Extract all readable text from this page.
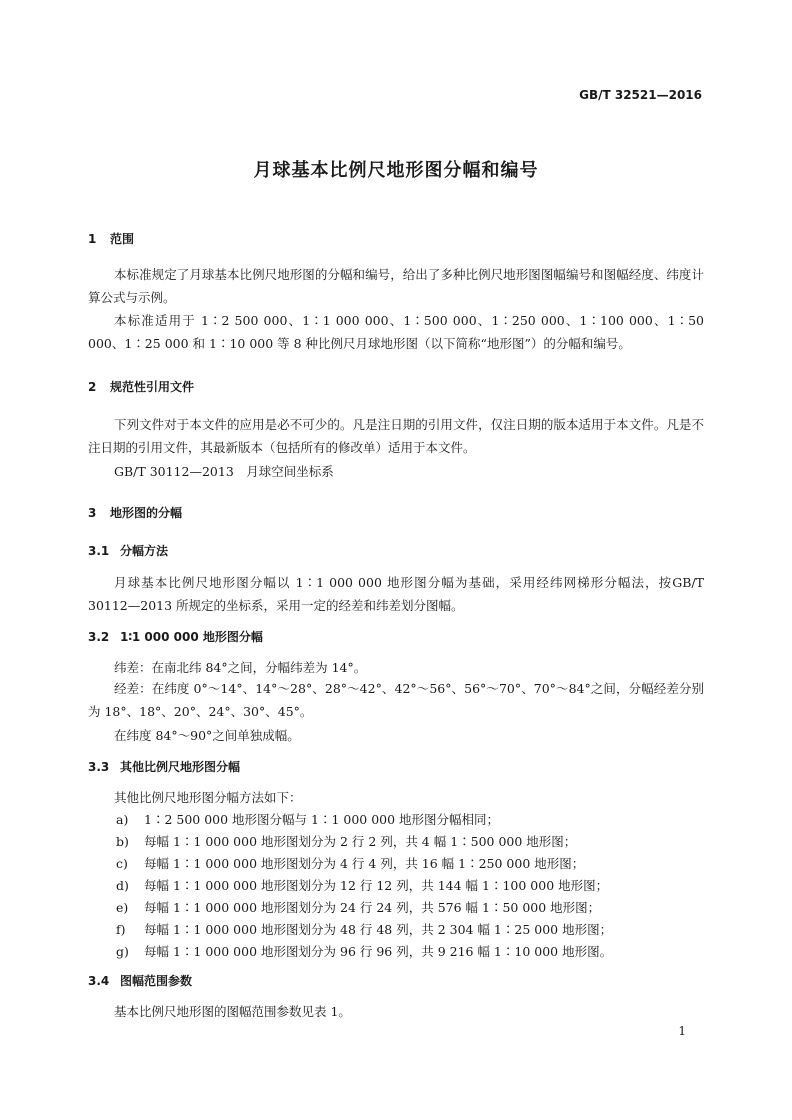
GB/T 32521—2016
月球基本比例尺地形图分幅和编号
1 范围
本标准规定了月球基本比例尺地形图的分幅和编号，给出了多种比例尺地形图图幅编号和图幅经度、纬度计算公式与示例。
本标准适用于 1∶2 500 000、1∶1 000 000、1∶500 000、1∶250 000、1∶100 000、1∶50 000、1∶25 000 和 1∶10 000 等 8 种比例尺月球地形图（以下简称“地形图”）的分幅和编号。
2 规范性引用文件
下列文件对于本文件的应用是必不可少的。凡是注日期的引用文件，仅注日期的版本适用于本文件。凡是不注日期的引用文件，其最新版本（包括所有的修改单）适用于本文件。
GB/T 30112—2013　月球空间坐标系
3 地形图的分幅
3.1 分幅方法
月球基本比例尺地形图分幅以 1∶1 000 000 地形图分幅为基础，采用经纬网梯形分幅法，按GB/T 30112—2013 所规定的坐标系，采用一定的经差和纬差划分图幅。
3.2 1∶1 000 000 地形图分幅
纬差：在南北纬 84°之间，分幅纬差为 14°。
经差：在纬度 0°～14°、14°～28°、28°～42°、42°～56°、56°～70°、70°～84°之间，分幅经差分别为 18°、18°、20°、24°、30°、45°。
在纬度 84°～90°之间单独成幅。
3.3 其他比例尺地形图分幅
其他比例尺地形图分幅方法如下：
a) 1∶2 500 000 地形图分幅与 1∶1 000 000 地形图分幅相同；
b) 每幅 1∶1 000 000 地形图划分为 2 行 2 列，共 4 幅 1∶500 000 地形图；
c) 每幅 1∶1 000 000 地形图划分为 4 行 4 列，共 16 幅 1∶250 000 地形图；
d) 每幅 1∶1 000 000 地形图划分为 12 行 12 列，共 144 幅 1∶100 000 地形图；
e) 每幅 1∶1 000 000 地形图划分为 24 行 24 列，共 576 幅 1∶50 000 地形图；
f) 每幅 1∶1 000 000 地形图划分为 48 行 48 列，共 2 304 幅 1∶25 000 地形图；
g) 每幅 1∶1 000 000 地形图划分为 96 行 96 列，共 9 216 幅 1∶10 000 地形图。
3.4 图幅范围参数
基本比例尺地形图的图幅范围参数见表 1。
1
